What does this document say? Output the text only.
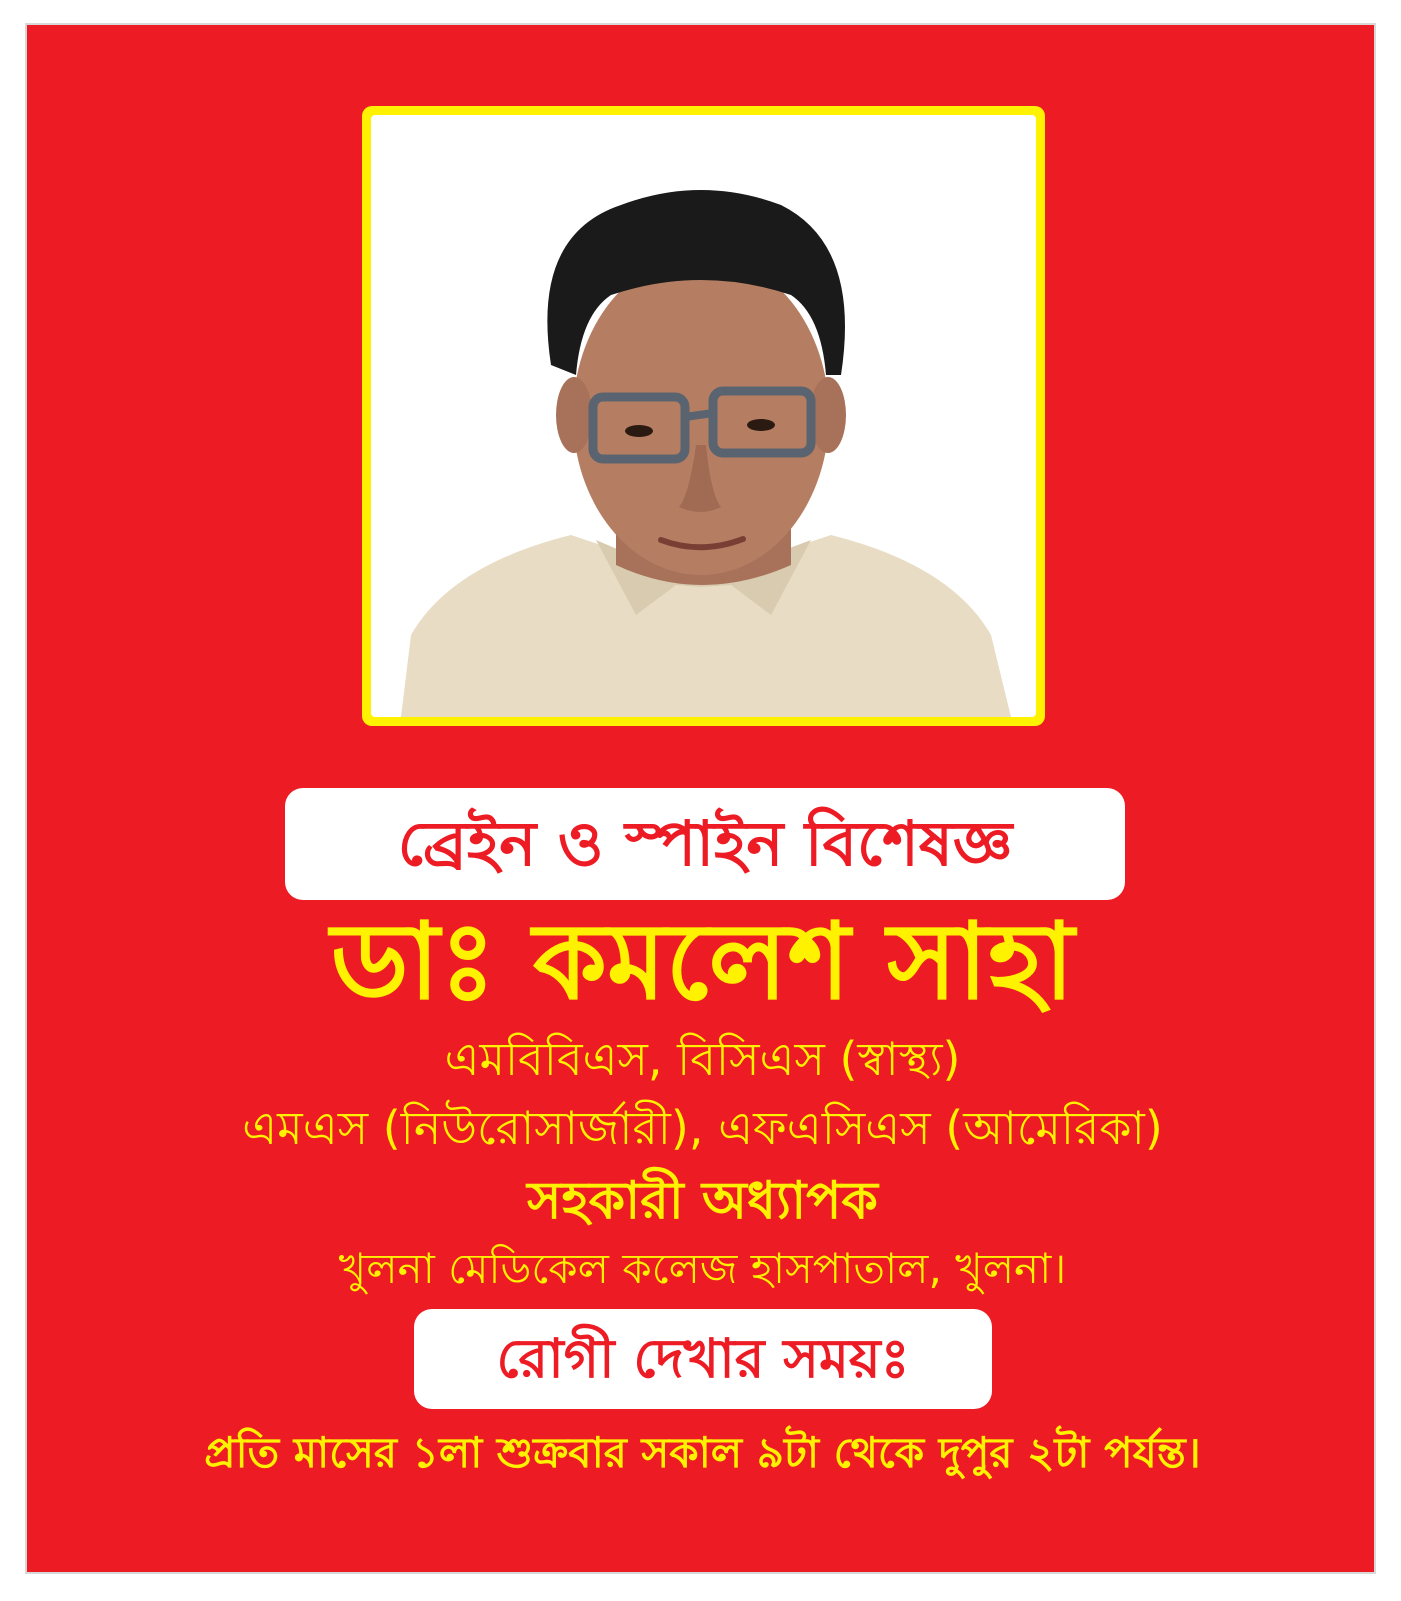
ব্রেইন ও স্পাইন বিশেষজ্ঞ
ডাঃ কমলেশ সাহা
এমবিবিএস, বিসিএস (স্বাস্থ্য)
এমএস (নিউরোসার্জারী), এফএসিএস (আমেরিকা)
সহকারী অধ্যাপক
খুলনা মেডিকেল কলেজ হাসপাতাল, খুলনা।
রোগী দেখার সময়ঃ
প্রতি মাসের ১লা শুক্রবার সকাল ৯টা থেকে দুপুর ২টা পর্যন্ত।
